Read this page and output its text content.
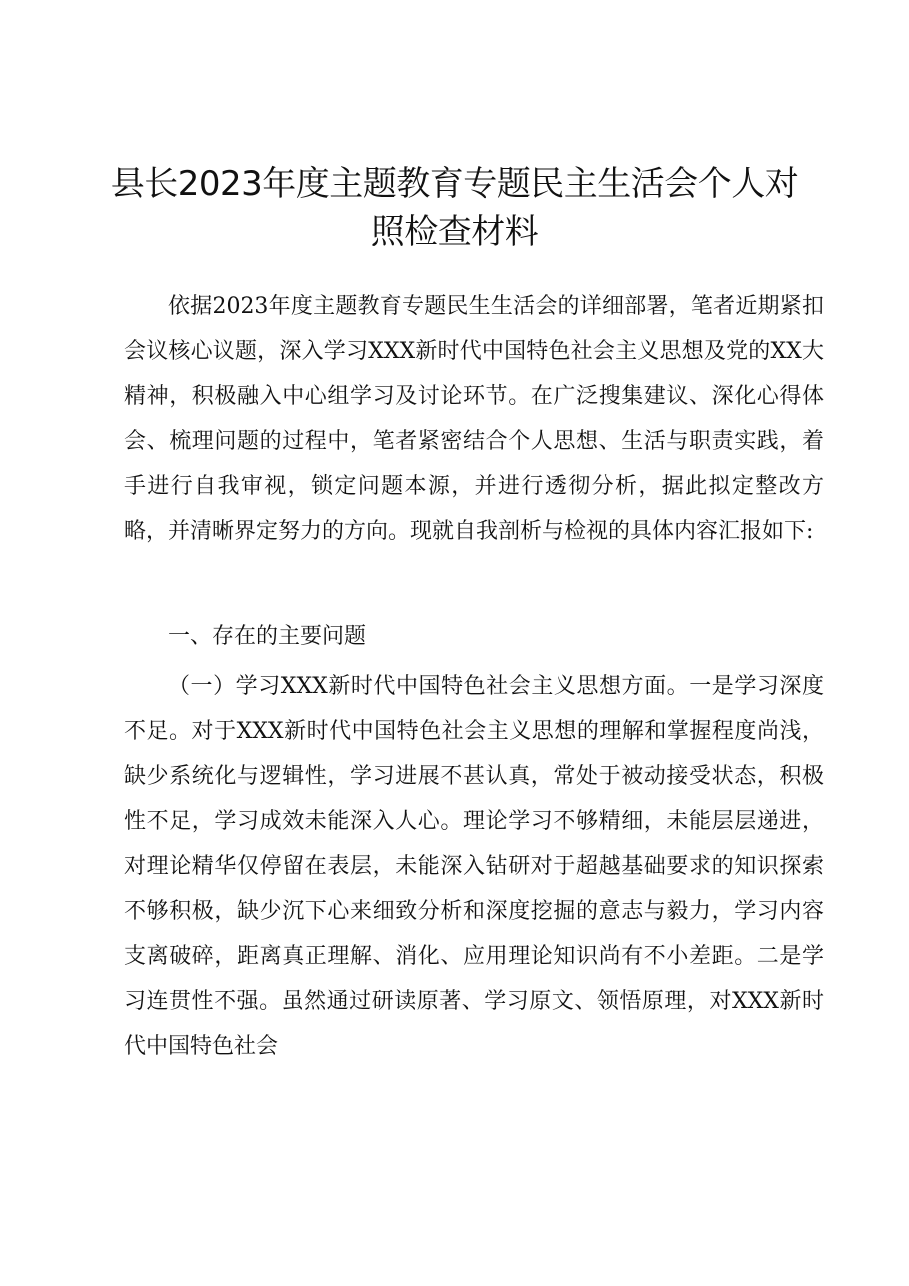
县长2023年度主题教育专题民主生活会个人对照检查材料

依据2023年度主题教育专题民生生活会的详细部署，笔者近期紧扣会议核心议题，深入学习XXX新时代中国特色社会主义思想及党的XX大精神，积极融入中心组学习及讨论环节。在广泛搜集建议、深化心得体会、梳理问题的过程中，笔者紧密结合个人思想、生活与职责实践，着手进行自我审视，锁定问题本源，并进行透彻分析，据此拟定整改方略，并清晰界定努力的方向。现就自我剖析与检视的具体内容汇报如下:

一、存在的主要问题

（一）学习XXX新时代中国特色社会主义思想方面。一是学习深度不足。对于XXX新时代中国特色社会主义思想的理解和掌握程度尚浅，缺少系统化与逻辑性，学习进展不甚认真，常处于被动接受状态，积极性不足，学习成效未能深入人心。理论学习不够精细，未能层层递进，对理论精华仅停留在表层，未能深入钻研对于超越基础要求的知识探索不够积极，缺少沉下心来细致分析和深度挖掘的意志与毅力，学习内容支离破碎，距离真正理解、消化、应用理论知识尚有不小差距。二是学习连贯性不强。虽然通过研读原著、学习原文、领悟原理，对XXX新时代中国特色社会
